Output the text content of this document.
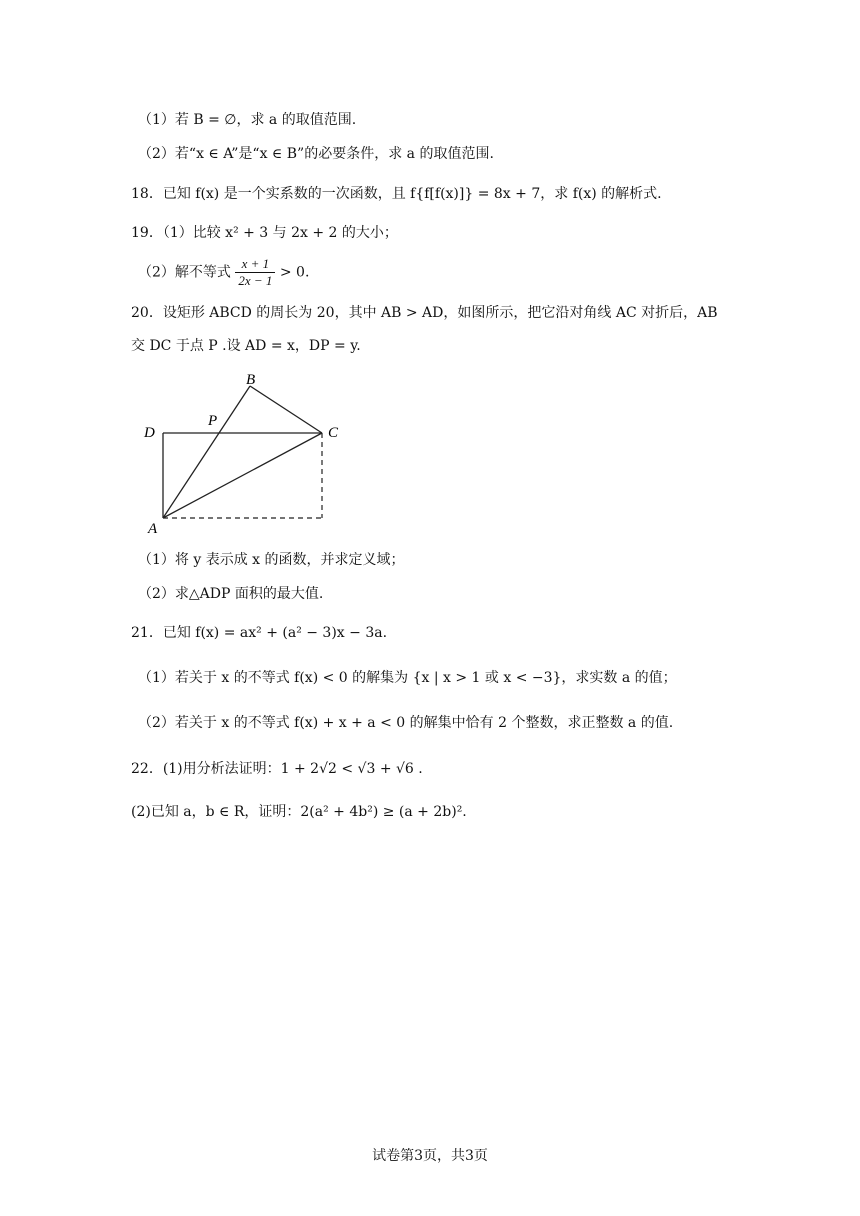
（1）若 B = ∅，求 a 的取值范围.
（2）若“x ∈ A”是“x ∈ B”的必要条件，求 a 的取值范围.
18．已知 f(x) 是一个实系数的一次函数，且 f{f[f(x)]} = 8x + 7，求 f(x) 的解析式.
19．（1）比较 x² + 3 与 2x + 2 的大小；
（2）解不等式 $\frac{x + 1}{2x - 1} > 0$.
20．设矩形 ABCD 的周长为 20，其中 AB > AD，如图所示，把它沿对角线 AC 对折后，AB
交 DC 于点 P .设 AD = x，DP = y.
D
P
B
C
A
（1）将 y 表示成 x 的函数，并求定义域；
（2）求△ADP 面积的最大值.
21．已知 f(x) = ax² + (a² − 3)x − 3a.
（1）若关于 x 的不等式 f(x) < 0 的解集为 {x | x > 1 或 x < −3}，求实数 a 的值；
（2）若关于 x 的不等式 f(x) + x + a < 0 的解集中恰有 2 个整数，求正整数 a 的值.
22．(1)用分析法证明：1 + 2√2 < √3 + √6 .
(2)已知 a，b ∈ R，证明：2(a² + 4b²) ≥ (a + 2b)².
试卷第3页，共3页
